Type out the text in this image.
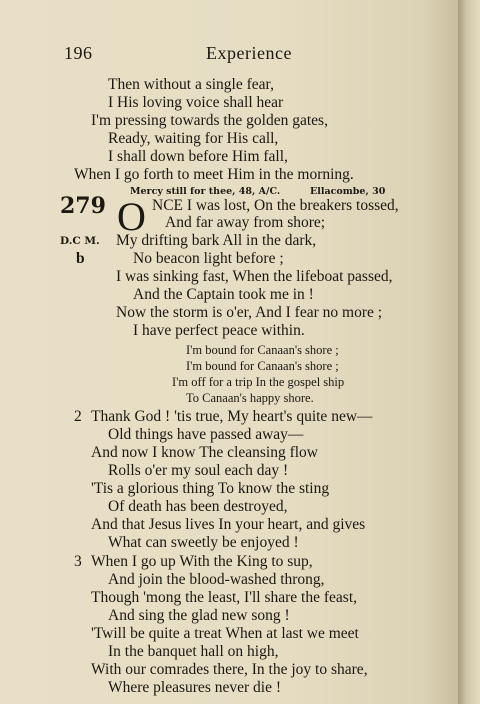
196	Experience
Then without a single fear,
I His loving voice shall hear
I'm pressing towards the golden gates,
Ready, waiting for His call,
I shall down before Him fall,
When I go forth to meet Him in the morning.
Mercy still for thee, 48, A/C.	Ellacombe, 30
279 O
D.C M.
b
NCE I was lost, On the breakers tossed,
And far away from shore;
My drifting bark All in the dark,
No beacon light before ;
I was sinking fast, When the lifeboat passed,
And the Captain took me in !
Now the storm is o'er, And I fear no more ;
I have perfect peace within.
I'm bound for Canaan's shore ;
I'm bound for Canaan's shore ;
I'm off for a trip In the gospel ship
To Canaan's happy shore.
2 Thank God ! 'tis true, My heart's quite new—
Old things have passed away—
And now I know The cleansing flow
Rolls o'er my soul each day !
'Tis a glorious thing To know the sting
Of death has been destroyed,
And that Jesus lives In your heart, and gives
What can sweetly be enjoyed !
3 When I go up With the King to sup,
And join the blood-washed throng,
Though 'mong the least, I'll share the feast,
And sing the glad new song !
'Twill be quite a treat When at last we meet
In the banquet hall on high,
With our comrades there, In the joy to share,
Where pleasures never die !
